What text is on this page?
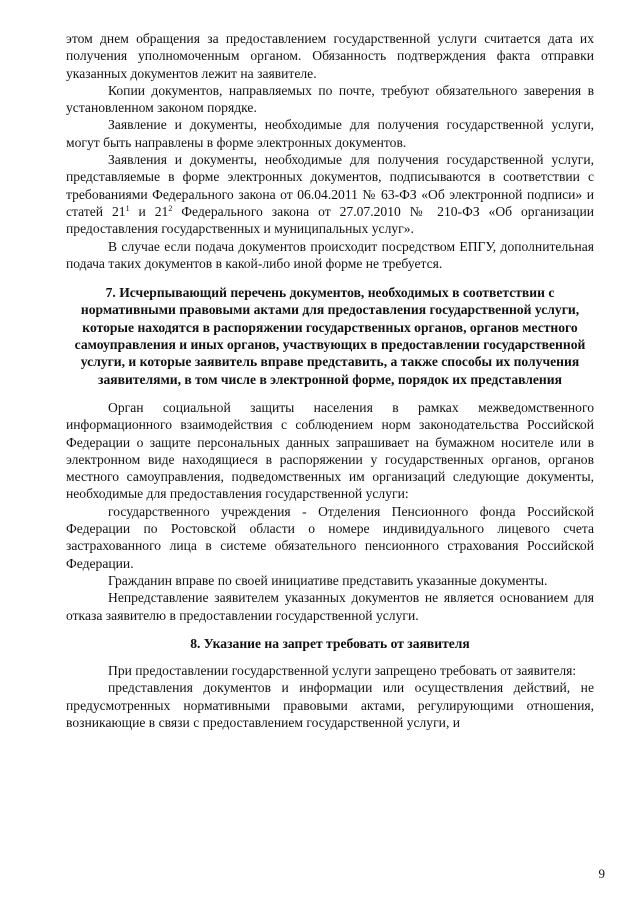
этом днем обращения за предоставлением государственной услуги считается дата их получения уполномоченным органом. Обязанность подтверждения факта отправки указанных документов лежит на заявителе.

Копии документов, направляемых по почте, требуют обязательного заверения в установленном законом порядке.

Заявление и документы, необходимые для получения государственной услуги, могут быть направлены в форме электронных документов.

Заявления и документы, необходимые для получения государственной услуги, представляемые в форме электронных документов, подписываются в соответствии с требованиями Федерального закона от 06.04.2011 № 63-ФЗ «Об электронной подписи» и статей $21^1$ и $21^2$ Федерального закона от 27.07.2010 № 210-ФЗ «Об организации предоставления государственных и муниципальных услуг».

В случае если подача документов происходит посредством ЕПГУ, дополнительная подача таких документов в какой-либо иной форме не требуется.

7. Исчерпывающий перечень документов, необходимых в соответствии с нормативными правовыми актами для предоставления государственной услуги, которые находятся в распоряжении государственных органов, органов местного самоуправления и иных органов, участвующих в предоставлении государственной услуги, и которые заявитель вправе представить, а также способы их получения заявителями, в том числе в электронной форме, порядок их представления

Орган социальной защиты населения в рамках межведомственного информационного взаимодействия с соблюдением норм законодательства Российской Федерации о защите персональных данных запрашивает на бумажном носителе или в электронном виде находящиеся в распоряжении у государственных органов, органов местного самоуправления, подведомственных им организаций следующие документы, необходимые для предоставления государственной услуги:

государственного учреждения - Отделения Пенсионного фонда Российской Федерации по Ростовской области о номере индивидуального лицевого счета застрахованного лица в системе обязательного пенсионного страхования Российской Федерации.

Гражданин вправе по своей инициативе представить указанные документы.

Непредставление заявителем указанных документов не является основанием для отказа заявителю в предоставлении государственной услуги.

8. Указание на запрет требовать от заявителя

При предоставлении государственной услуги запрещено требовать от заявителя:

представления документов и информации или осуществления действий, не предусмотренных нормативными правовыми актами, регулирующими отношения, возникающие в связи с предоставлением государственной услуги, и

9
